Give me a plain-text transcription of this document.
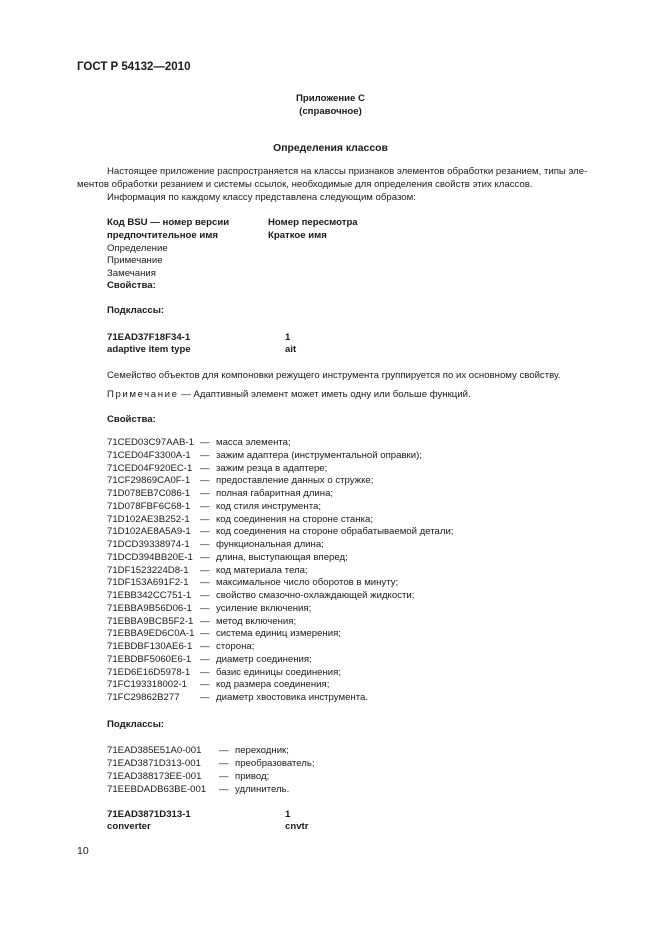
ГОСТ Р 54132—2010
Приложение С
(справочное)
Определения классов
Настоящее приложение распространяется на классы признаков элементов обработки резанием, типы эле-
ментов обработки резанием и системы ссылок, необходимые для определения свойств этих классов.
Информация по каждому классу представлена следующим образом:
Код BSU — номер версии	Номер пересмотра
предпочтительное имя	Краткое имя
Определение
Примечание
Замечания
Свойства:
Подклассы:
71EAD37F18F34-1	1
adaptive item type	ait
Семейство объектов для компоновки режущего инструмента группируется по их основному свойству.
Примечание — Адаптивный элемент может иметь одну или больше функций.
Свойства:
Подклассы:
71EAD3871D313-1	1
converter	cnvtr
10
71CED03C97AAB-1 — масса элемента;
71CED04F3300A-1 — зажим адаптера (инструментальной оправки);
71CED04F920EC-1 — зажим резца в адаптере;
71CF29869CA0F-1 — предоставление данных о стружке;
71D078EB7C086-1 — полная габаритная длина;
71D078FBF6C68-1 — код стиля инструмента;
71D102AE3B252-1 — код соединения на стороне станка;
71D102AE8A5A9-1 — код соединения на стороне обрабатываемой детали;
71DCD39338974-1 — функциональная длина;
71DCD394BB20E-1 — длина, выступающая вперед;
71DF1523224D8-1 — код материала тела;
71DF153A691F2-1 — максимальное число оборотов в минуту;
71EBB342CC751-1 — свойство смазочно-охлаждающей жидкости;
71EBBA9B56D06-1 — усиление включения;
71EBBA9BCB5F2-1 — метод включения;
71EBBA9ED6C0A-1 — система единиц измерения;
71EBDBF130AE6-1 — сторона;
71EBDBF5060E6-1 — диаметр соединения;
71ED6E16D5978-1 — базис единицы соединения;
71FC193318002-1 — код размера соединения;
71FC29862B277 — диаметр хвостовика инструмента.
71EAD385E51A0-001 — переходник;
71EAD3871D313-001 — преобразователь;
71EAD388173EE-001 — привод;
71EEBDADB63BE-001 — удлинитель.
